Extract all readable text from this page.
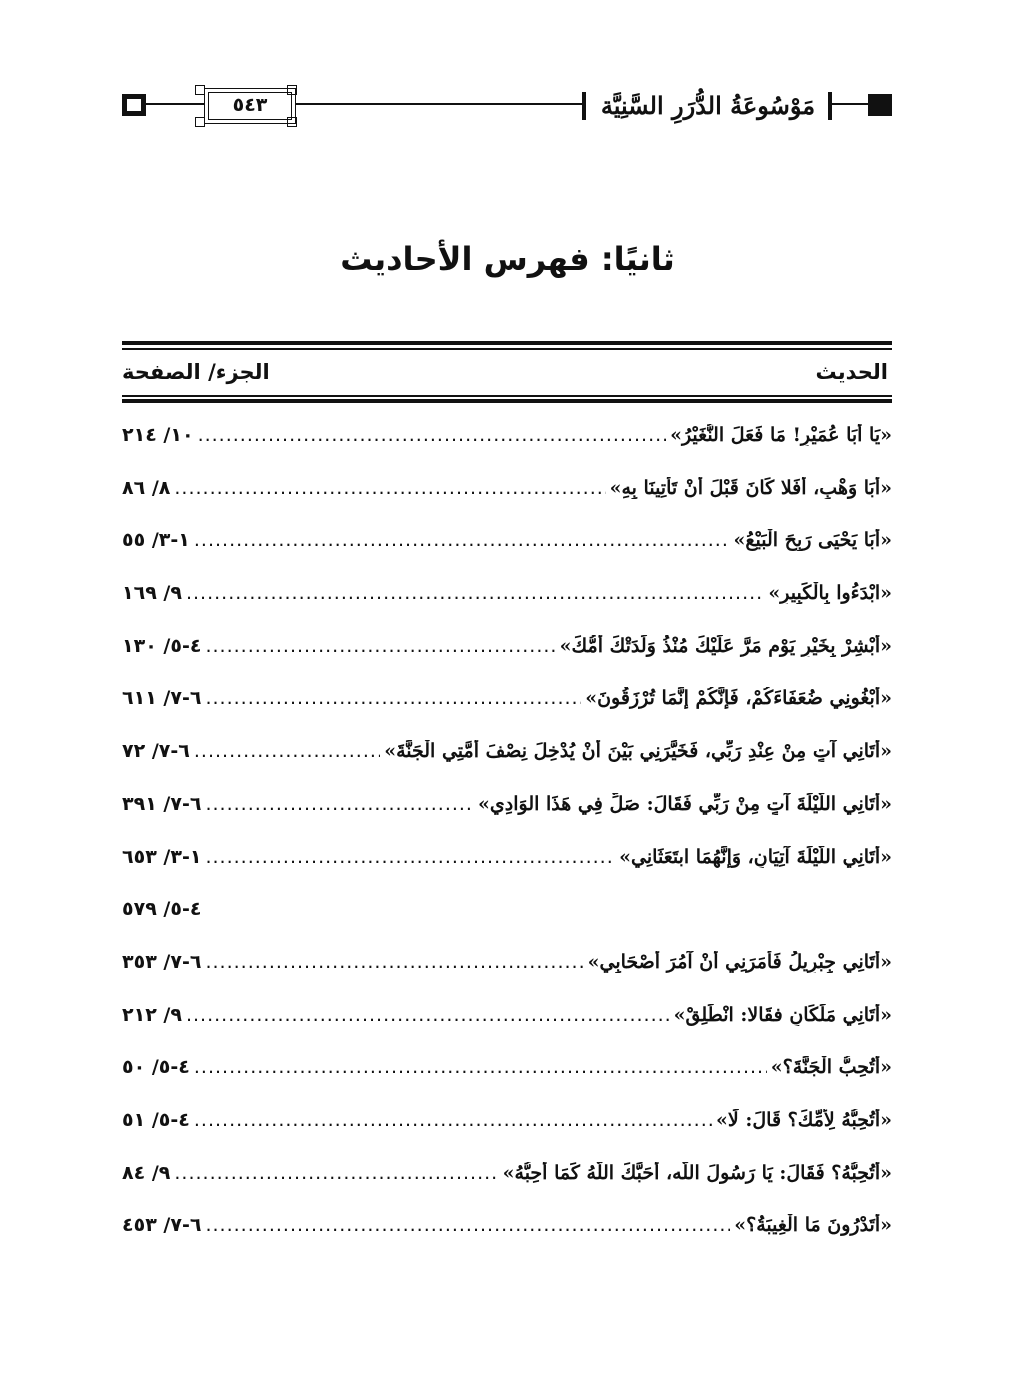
٥٤٣	مَوْسُوعَةُ الدُّرَرِ السَّنِيَّة
ثانيًا: فهرس الأحاديث
الحديث
الجزء/ الصفحة
«يَا أَبَا عُمَيْرٍ! مَا فَعَلَ النُّغَيْرُ»
.....
١٠/ ٢١٤
«أَبَا وَهْبٍ، أَفَلا كَانَ قَبْلَ أَنْ تَأْتِينَا بِهِ»
.....
٨/ ٨٦
«أَبَا يَحْيَى رَبِحَ الْبَيْعُ»
.....
١-٣/ ٥٥
«ابْدَءُوا بِالْكَبِيرِ»
.....
٩/ ١٦٩
«أَبْشِرْ بِخَيْرِ يَوْمٍ مَرَّ عَلَيْكَ مُنْذُ وَلَدَتْكَ أُمُّكَ»
.....
٤-٥/ ١٣٠
«أَبْغُونِي ضُعَفَاءَكُمْ، فَإِنَّكُمْ إِنَّمَا تُرْزَقُونَ»
.....
٦-٧/ ٦١١
«أَتَانِي آتٍ مِنْ عِنْدِ رَبِّي، فَخَيَّرَنِي بَيْنَ أَنْ يُدْخِلَ نِصْفَ أُمَّتِي الْجَنَّةَ»
.....
٦-٧/ ٧٢
«أَتَانِي اللَّيْلَةَ آتٍ مِنْ رَبِّي فَقَالَ: صَلِّ فِي هَذَا الوَادِي»
.....
٦-٧/ ٣٩١
«أَتَانِي اللَّيْلَةَ آتِيَانِ، وَإِنَّهُمَا ابتَعَثَانِي»
.....
١-٣/ ٦٥٣
٤-٥/ ٥٧٩
«أَتَانِي جِبْرِيلُ فَأَمَرَنِي أَنْ آمُرَ أَصْحَابِي»
.....
٦-٧/ ٣٥٣
«أَتَانِي مَلَكَانِ فقَالا: انْطَلِقْ»
.....
٩/ ٢١٢
«أَتُحِبُّ الْجَنَّةَ؟»
.....
٤-٥/ ٥٠
«أَتُحِبُّهُ لِأُمِّكَ؟ قَالَ: لَا»
.....
٤-٥/ ٥١
«أَتُحِبُّهُ؟ فَقَالَ: يَا رَسُولَ اللَّه، أَحَبَّكَ اللَّهُ كَمَا أُحِبُّهُ»
.....
٩/ ٨٤
«أَتَدْرُونَ مَا الْغِيبَةُ؟»
.....
٦-٧/ ٤٥٣
